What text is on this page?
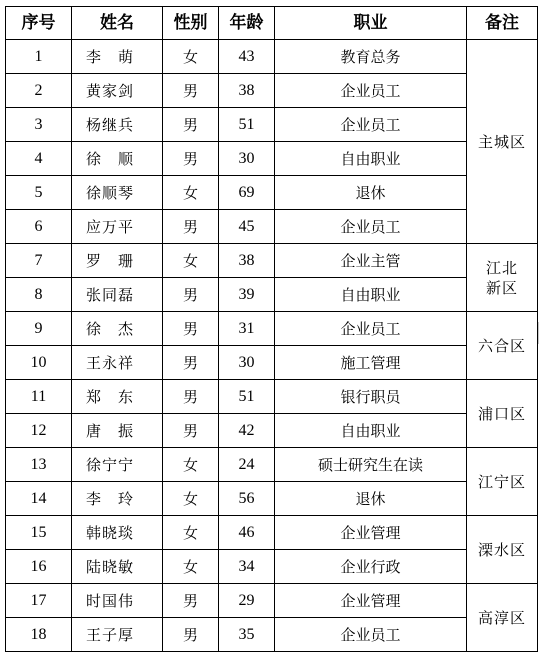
序号	姓名	性别	年龄	职业	备注
1	李　萌	女	43	教育总务	主城区

2	黄家剑	男	38	企业员工	
3	杨继兵	男	51	企业员工	
4	徐　顺	男	30	自由职业	
5	徐顺琴	女	69	退休	
6	应万平	男	45	企业员工	
7	罗　珊	女	38	企业主管	江北
新区

8	张同磊	男	39	自由职业	
9	徐　杰	男	31	企业员工	六合区

10	王永祥	男	30	施工管理	
11	郑　东	男	51	银行职员	浦口区

12	唐　振	男	42	自由职业	
13	徐宁宁	女	24	硕士研究生在读	江宁区

14	李　玲	女	56	退休	
15	韩晓琰	女	46	企业管理	溧水区

16	陆晓敏	女	34	企业行政	
17	时国伟	男	29	企业管理	高淳区

18	王子厚	男	35	企业员工	
